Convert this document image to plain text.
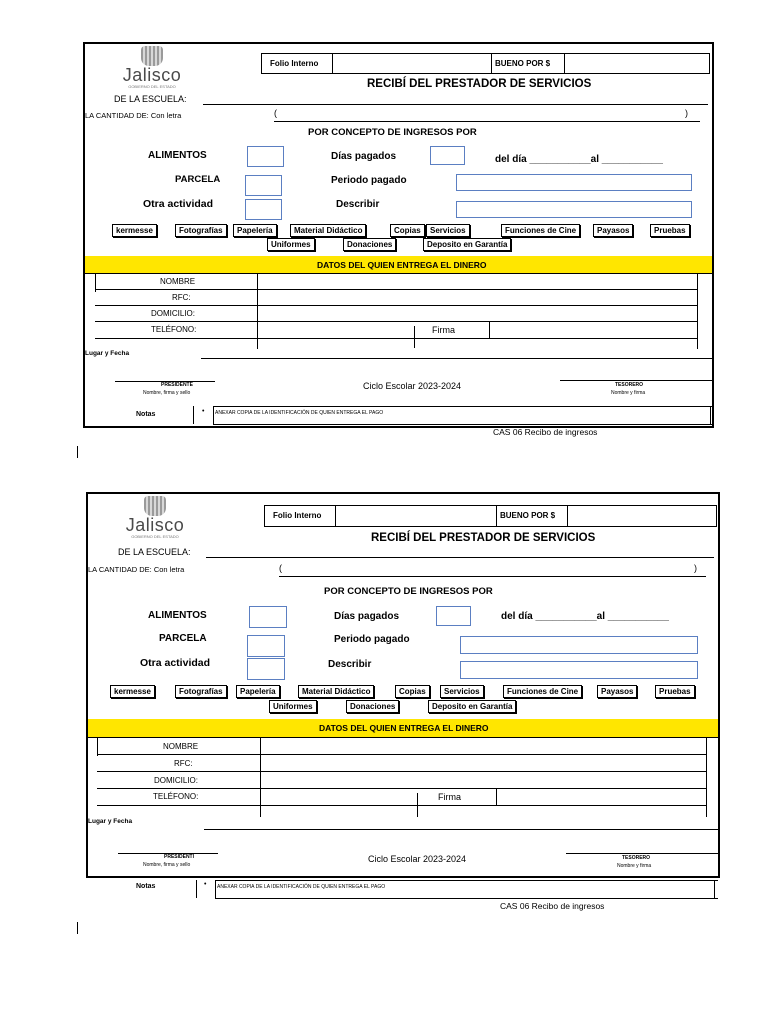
Jalisco
GOBIERNO DEL ESTADO
Folio Interno	BUENO POR $
RECIBÍ DEL PRESTADOR DE SERVICIOS
DE LA ESCUELA:
LA CANTIDAD DE: Con letra	(	)
POR CONCEPTO DE INGRESOS POR
ALIMENTOS	Días pagados	del día ___________al ___________
PARCELA	Periodo pagado
Otra actividad	Describir
kermesse	Fotografías	Papelería	Material Didáctico	Copias	Servicios	Funciones de Cine	Payasos	Pruebas
Uniformes	Donaciones	Deposito en Garantía
DATOS DEL QUIEN ENTREGA EL DINERO
NOMBRE
RFC:
DOMICILIO:
TELÉFONO:	Firma
Lugar y Fecha
PRESIDENTE
Nombre, firma y sello
Ciclo Escolar 2023-2024	TESORERO
Nombre y firma
Notas	• ANEXAR COPIA DE LA IDENTIFICACIÓN DE QUIEN ENTREGA EL PAGO
CAS 06 Recibo de ingresos
Jalisco
GOBIERNO DEL ESTADO
Folio Interno	BUENO POR $
RECIBÍ DEL PRESTADOR DE SERVICIOS
DE LA ESCUELA:
LA CANTIDAD DE: Con letra	(	)
POR CONCEPTO DE INGRESOS POR
ALIMENTOS	Días pagados	del día ___________al ___________
PARCELA	Periodo pagado
Otra actividad	Describir
kermesse	Fotografías	Papelería	Material Didáctico	Copias	Servicios	Funciones de Cine	Payasos	Pruebas
Uniformes	Donaciones	Deposito en Garantía
DATOS DEL QUIEN ENTREGA EL DINERO
NOMBRE
RFC:
DOMICILIO:
TELÉFONO:	Firma
Lugar y Fecha
PRESIDENTI
Nombre, firma y sello
Ciclo Escolar 2023-2024	TESORERO
Nombre y firma
Notas	• ANEXAR COPIA DE LA IDENTIFICACIÓN DE QUIEN ENTREGA EL PAGO
CAS 06 Recibo de ingresos
